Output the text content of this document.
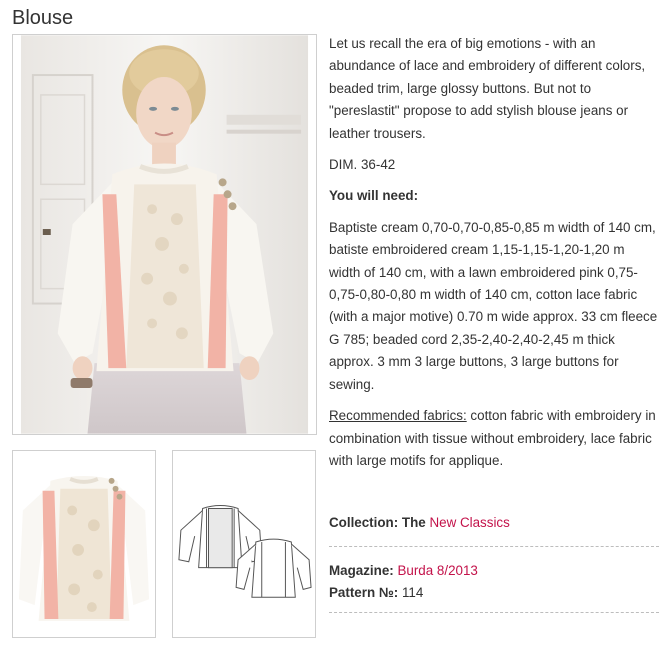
Blouse

Let us recall the era of big emotions - with an abundance of lace and embroidery of different colors, beaded trim, large glossy buttons. But not to "pereslastit" propose to add stylish blouse jeans or leather trousers.

DIM. 36-42

You will need:

Baptiste cream 0,70-0,70-0,85-0,85 m width of 140 cm, batiste embroidered cream 1,15-1,15-1,20-1,20 m width of 140 cm, with a lawn embroidered pink 0,75-0,75-0,80-0,80 m width of 140 cm, cotton lace fabric (with a major motive) 0.70 m wide approx. 33 cm fleece G 785; beaded cord 2,35-2,40-2,40-2,45 m thick approx. 3 mm 3 large buttons, 3 large buttons for sewing.

Recommended fabrics: cotton fabric with embroidery in combination with tissue without embroidery, lace fabric with large motifs for applique.

Collection: The New Classics
Magazine: Burda 8/2013
Pattern №: 114
